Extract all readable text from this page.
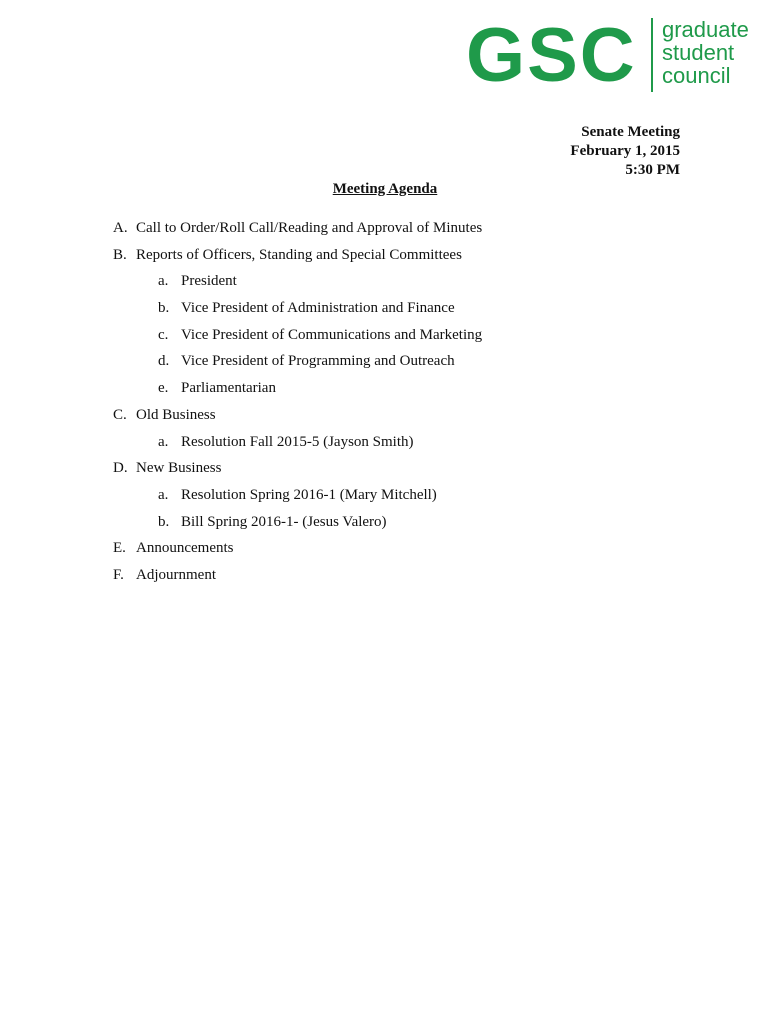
GSC graduate
student
council
Senate Meeting
February 1, 2015
5:30 PM
Meeting Agenda
A. Call to Order/Roll Call/Reading and Approval of Minutes
B. Reports of Officers, Standing and Special Committees
a. President
b. Vice President of Administration and Finance
c. Vice President of Communications and Marketing
d. Vice President of Programming and Outreach
e. Parliamentarian
C. Old Business
a. Resolution Fall 2015-5 (Jayson Smith)
D. New Business
a. Resolution Spring 2016-1 (Mary Mitchell)
b. Bill Spring 2016-1- (Jesus Valero)
E. Announcements
F. Adjournment
